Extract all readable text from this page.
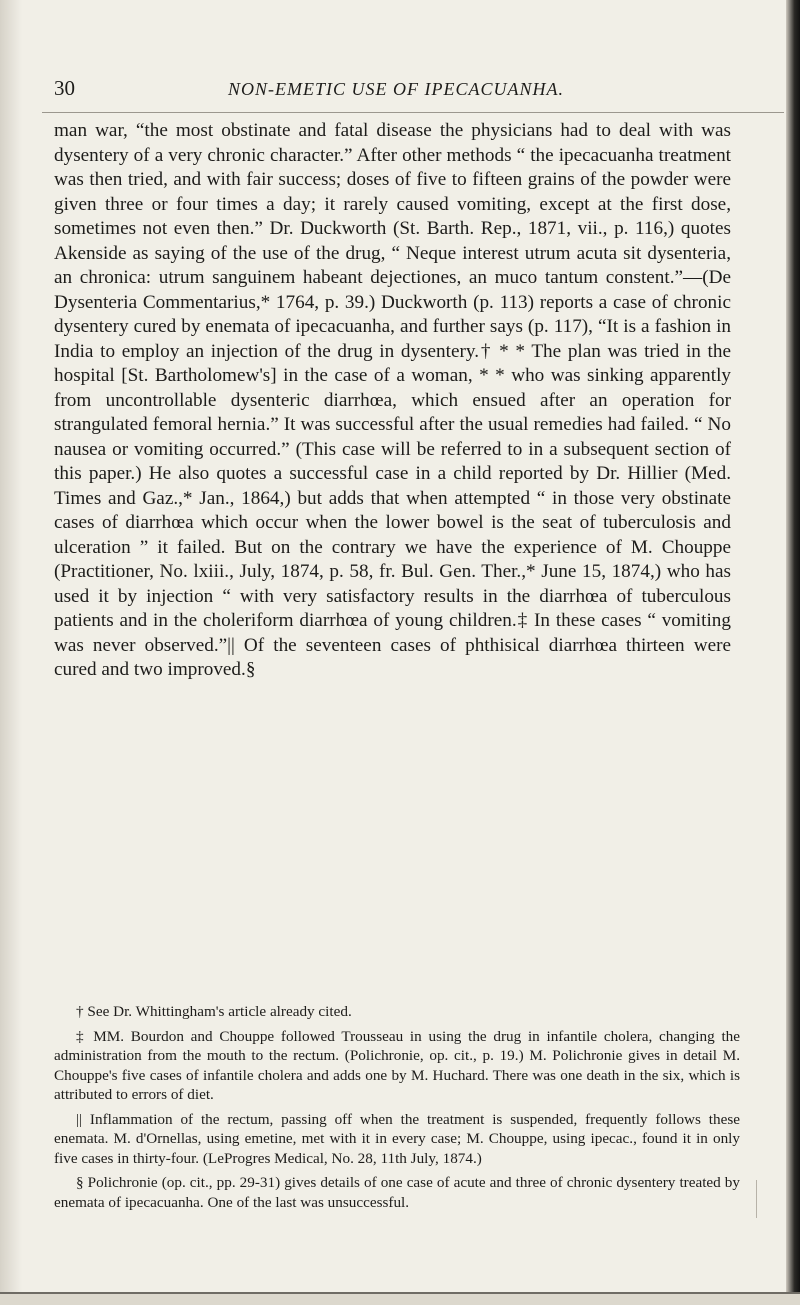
30	NON-EMETIC USE OF IPECACUANHA.

man war, “the most obstinate and fatal disease the physicians had to deal with was dysentery of a very chronic character.” After other methods “ the ipecacuanha treatment was then tried, and with fair success; doses of five to fifteen grains of the powder were given three or four times a day; it rarely caused vomiting, except at the first dose, sometimes not even then.” Dr. Duckworth (St. Barth. Rep., 1871, vii., p. 116,) quotes Akenside as saying of the use of the drug, “ Neque interest utrum acuta sit dysenteria, an chronica: utrum sanguinem habeant dejectiones, an muco tantum constent.”—(De Dysenteria Commentarius,* 1764, p. 39.) Duckworth (p. 113) reports a case of chronic dysentery cured by enemata of ipecacuanha, and further says (p. 117), “It is a fashion in India to employ an injection of the drug in dysentery.† * * The plan was tried in the hospital [St. Bartholomew's] in the case of a woman, * * who was sinking apparently from uncontrollable dysenteric diarrhœa, which ensued after an operation for strangulated femoral hernia.” It was successful after the usual remedies had failed. “ No nausea or vomiting occurred.” (This case will be referred to in a subsequent section of this paper.) He also quotes a successful case in a child reported by Dr. Hillier (Med. Times and Gaz.,* Jan., 1864,) but adds that when attempted “ in those very obstinate cases of diarrhœa which occur when the lower bowel is the seat of tuberculosis and ulceration ” it failed. But on the contrary we have the experience of M. Chouppe (Practitioner, No. lxiii., July, 1874, p. 58, fr. Bul. Gen. Ther.,* June 15, 1874,) who has used it by injection “ with very satisfactory results in the diarrhœa of tuberculous patients and in the choleriform diarrhœa of young children.‡ In these cases “ vomiting was never observed.”|| Of the seventeen cases of phthisical diarrhœa thirteen were cured and two improved.§

† See Dr. Whittingham's article already cited.

‡ MM. Bourdon and Chouppe followed Trousseau in using the drug in infantile cholera, changing the administration from the mouth to the rectum. (Polichronie, op. cit., p. 19.) M. Polichronie gives in detail M. Chouppe's five cases of infantile cholera and adds one by M. Huchard. There was one death in the six, which is attributed to errors of diet.

|| Inflammation of the rectum, passing off when the treatment is suspended, frequently follows these enemata. M. d'Ornellas, using emetine, met with it in every case; M. Chouppe, using ipecac., found it in only five cases in thirty-four. (LeProgres Medical, No. 28, 11th July, 1874.)

§ Polichronie (op. cit., pp. 29-31) gives details of one case of acute and three of chronic dysentery treated by enemata of ipecacuanha. One of the last was unsuccessful.
